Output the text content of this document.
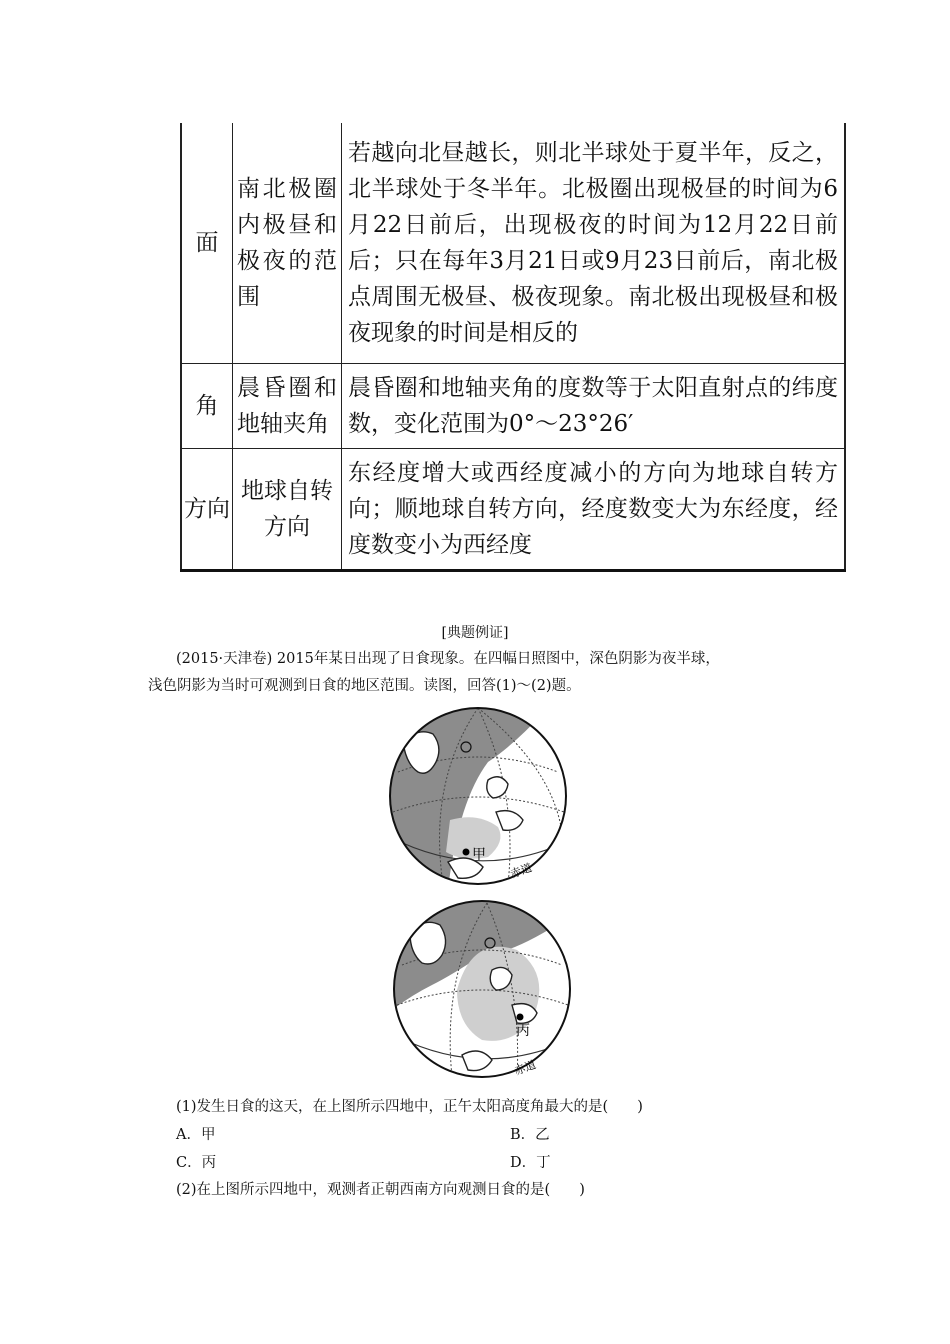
面	南北极圈内极昼和极夜的范围	若越向北昼越长，则北半球处于夏半年，反之，北半球处于冬半年。北极圈出现极昼的时间为6月22日前后，出现极夜的时间为12月22日前后；只在每年3月21日或9月23日前后，南北极点周围无极昼、极夜现象。南北极出现极昼和极夜现象的时间是相反的
角	晨昏圈和地轴夹角	晨昏圈和地轴夹角的度数等于太阳直射点的纬度数，变化范围为0°～23°26′
方向	地球自转方向	东经度增大或西经度减小的方向为地球自转方向；顺地球自转方向，经度数变大为东经度，经度数变小为西经度
[典题例证]

(2015·天津卷) 2015年某日出现了日食现象。在四幅日照图中，深色阴影为夜半球，

浅色阴影为当时可观测到日食的地区范围。读图，回答(1)～(2)题。

甲
赤道
丙
赤道
(1)发生日食的这天，在上图所示四地中，正午太阳高度角最大的是(　　)
A．甲	B．乙
C．丙	D．丁
(2)在上图所示四地中，观测者正朝西南方向观测日食的是(　　)
